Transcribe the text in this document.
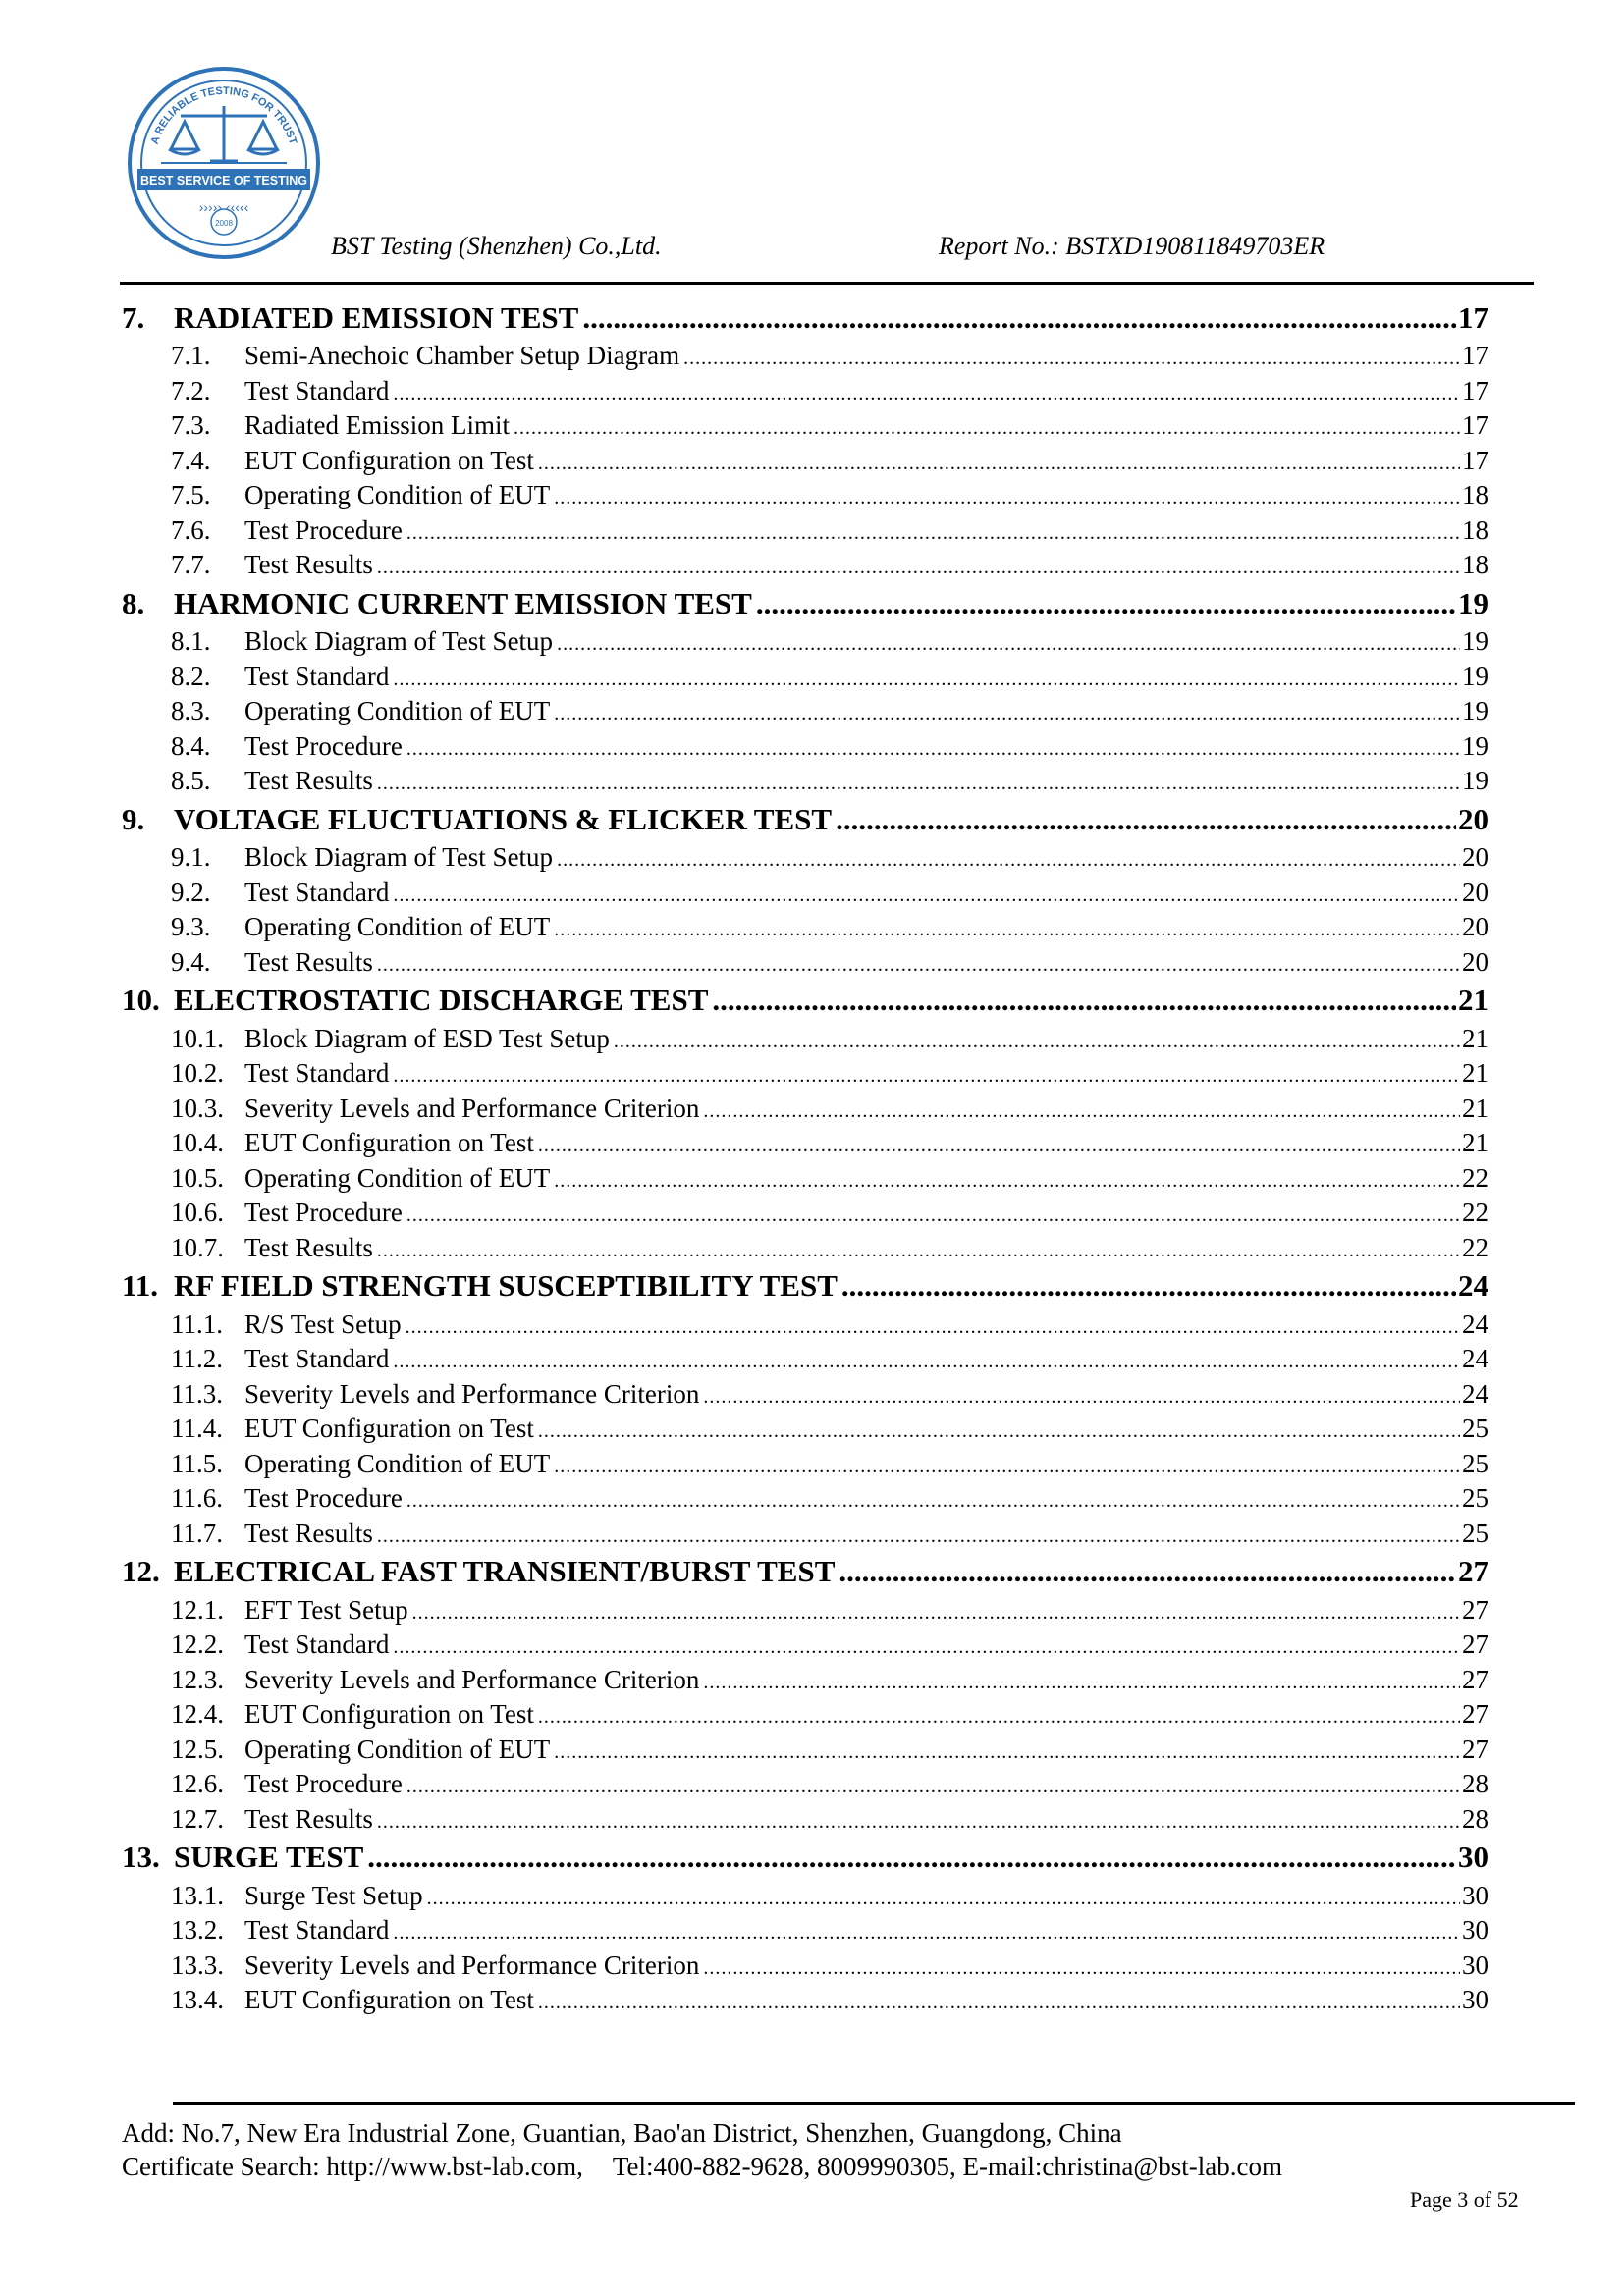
A RELIABLE TESTING FOR TRUST
BEST SERVICE OF TESTING
››››› ‹‹‹‹‹
2008
BST Testing (Shenzhen) Co.,Ltd.	Report No.: BSTXD190811849703ER
7. RADIATED EMISSION TEST .....	17
7.1.	Semi-Anechoic Chamber Setup Diagram .....	17
7.2.	Test Standard .....	17
7.3.	Radiated Emission Limit .....	17
7.4.	EUT Configuration on Test .....	17
7.5.	Operating Condition of EUT .....	18
7.6.	Test Procedure .....	18
7.7.	Test Results .....	18
8. HARMONIC CURRENT EMISSION TEST .....	19
8.1.	Block Diagram of Test Setup .....	19
8.2.	Test Standard .....	19
8.3.	Operating Condition of EUT .....	19
8.4.	Test Procedure .....	19
8.5.	Test Results .....	19
9. VOLTAGE FLUCTUATIONS & FLICKER TEST .....	20
9.1.	Block Diagram of Test Setup .....	20
9.2.	Test Standard .....	20
9.3.	Operating Condition of EUT .....	20
9.4.	Test Results .....	20
10. ELECTROSTATIC DISCHARGE TEST .....	21
10.1. Block Diagram of ESD Test Setup .....	21
10.2. Test Standard .....	21
10.3. Severity Levels and Performance Criterion .....	21
10.4. EUT Configuration on Test .....	21
10.5. Operating Condition of EUT .....	22
10.6. Test Procedure .....	22
10.7. Test Results .....	22
11. RF FIELD STRENGTH SUSCEPTIBILITY TEST .....	24
11.1. R/S Test Setup .....	24
11.2. Test Standard .....	24
11.3. Severity Levels and Performance Criterion .....	24
11.4. EUT Configuration on Test .....	25
11.5. Operating Condition of EUT .....	25
11.6. Test Procedure .....	25
11.7. Test Results .....	25
12. ELECTRICAL FAST TRANSIENT/BURST TEST .....	27
12.1. EFT Test Setup .....	27
12.2. Test Standard .....	27
12.3. Severity Levels and Performance Criterion .....	27
12.4. EUT Configuration on Test .....	27
12.5. Operating Condition of EUT .....	27
12.6. Test Procedure .....	28
12.7. Test Results .....	28
13. SURGE TEST .....	30
13.1. Surge Test Setup .....	30
13.2. Test Standard .....	30
13.3. Severity Levels and Performance Criterion .....	30
13.4. EUT Configuration on Test .....	30
Add: No.7, New Era Industrial Zone, Guantian, Bao'an District, Shenzhen, Guangdong, China
Certificate Search: http://www.bst-lab.com, Tel:400-882-9628, 8009990305, E-mail:christina@bst-lab.com
Page 3 of 52
